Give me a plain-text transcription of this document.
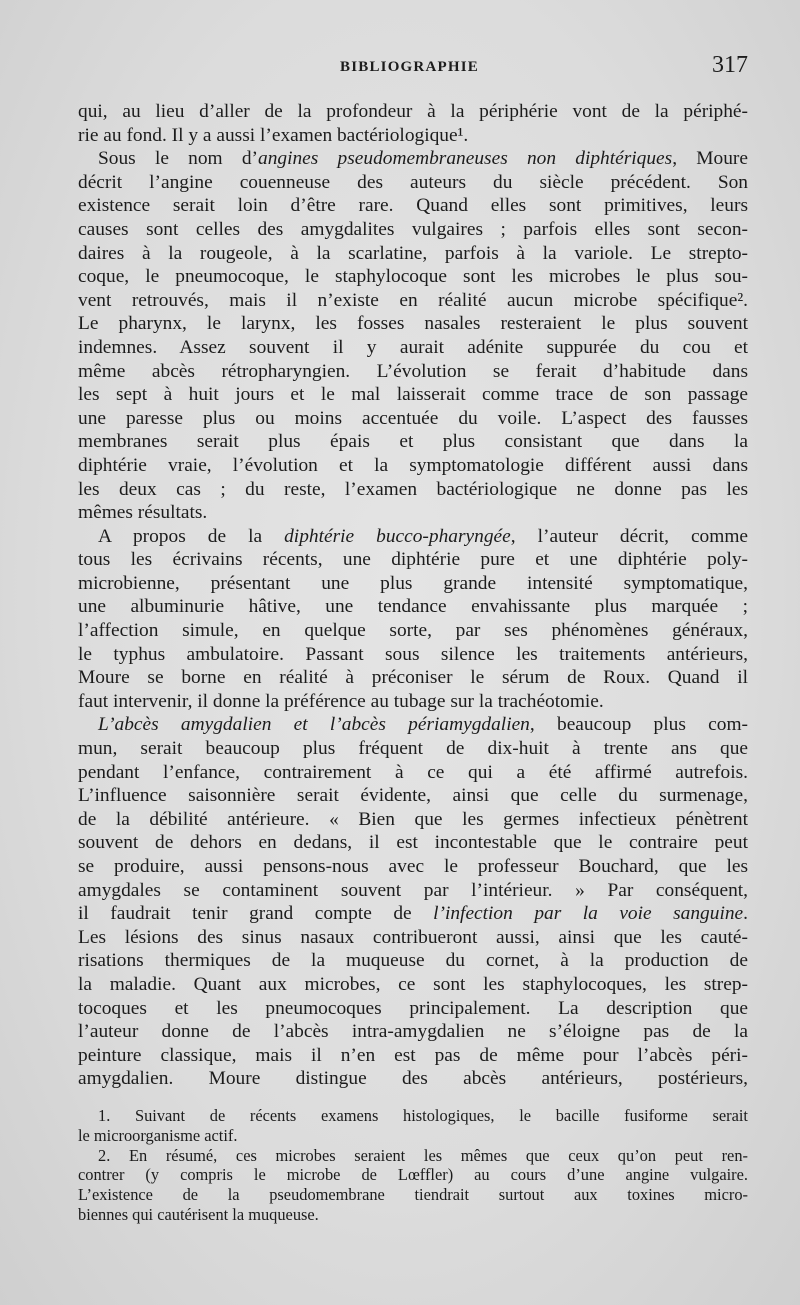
BIBLIOGRAPHIE	317

qui, au lieu d’aller de la profondeur à la périphérie vont de la périphé-
rie au fond. Il y a aussi l’examen bactériologique¹.

Sous le nom d’angines pseudomembraneuses non diphtériques, Moure
décrit l’angine couenneuse des auteurs du siècle précédent. Son
existence serait loin d’être rare. Quand elles sont primitives, leurs
causes sont celles des amygdalites vulgaires ; parfois elles sont secon-
daires à la rougeole, à la scarlatine, parfois à la variole. Le strepto-
coque, le pneumocoque, le staphylocoque sont les microbes le plus sou-
vent retrouvés, mais il n’existe en réalité aucun microbe spécifique².
Le pharynx, le larynx, les fosses nasales resteraient le plus souvent
indemnes. Assez souvent il y aurait adénite suppurée du cou et
même abcès rétropharyngien. L’évolution se ferait d’habitude dans
les sept à huit jours et le mal laisserait comme trace de son passage
une paresse plus ou moins accentuée du voile. L’aspect des fausses
membranes serait plus épais et plus consistant que dans la
diphtérie vraie, l’évolution et la symptomatologie différent aussi dans
les deux cas ; du reste, l’examen bactériologique ne donne pas les
mêmes résultats.

A propos de la diphtérie bucco-pharyngée, l’auteur décrit, comme
tous les écrivains récents, une diphtérie pure et une diphtérie poly-
microbienne, présentant une plus grande intensité symptomatique,
une albuminurie hâtive, une tendance envahissante plus marquée ;
l’affection simule, en quelque sorte, par ses phénomènes généraux,
le typhus ambulatoire. Passant sous silence les traitements antérieurs,
Moure se borne en réalité à préconiser le sérum de Roux. Quand il
faut intervenir, il donne la préférence au tubage sur la trachéotomie.

L’abcès amygdalien et l’abcès périamygdalien, beaucoup plus com-
mun, serait beaucoup plus fréquent de dix-huit à trente ans que
pendant l’enfance, contrairement à ce qui a été affirmé autrefois.
L’influence saisonnière serait évidente, ainsi que celle du surmenage,
de la débilité antérieure. « Bien que les germes infectieux pénètrent
souvent de dehors en dedans, il est incontestable que le contraire peut
se produire, aussi pensons-nous avec le professeur Bouchard, que les
amygdales se contaminent souvent par l’intérieur. » Par conséquent,
il faudrait tenir grand compte de l’infection par la voie sanguine.
Les lésions des sinus nasaux contribueront aussi, ainsi que les cauté-
risations thermiques de la muqueuse du cornet, à la production de
la maladie. Quant aux microbes, ce sont les staphylocoques, les strep-
tocoques et les pneumocoques principalement. La description que
l’auteur donne de l’abcès intra-amygdalien ne s’éloigne pas de la
peinture classique, mais il n’en est pas de même pour l’abcès péri-
amygdalien. Moure distingue des abcès antérieurs, postérieurs,

1. Suivant de récents examens histologiques, le bacille fusiforme serait
le microorganisme actif.

2. En résumé, ces microbes seraient les mêmes que ceux qu’on peut ren-
contrer (y compris le microbe de Lœffler) au cours d’une angine vulgaire.
L’existence de la pseudomembrane tiendrait surtout aux toxines micro-
biennes qui cautérisent la muqueuse.
